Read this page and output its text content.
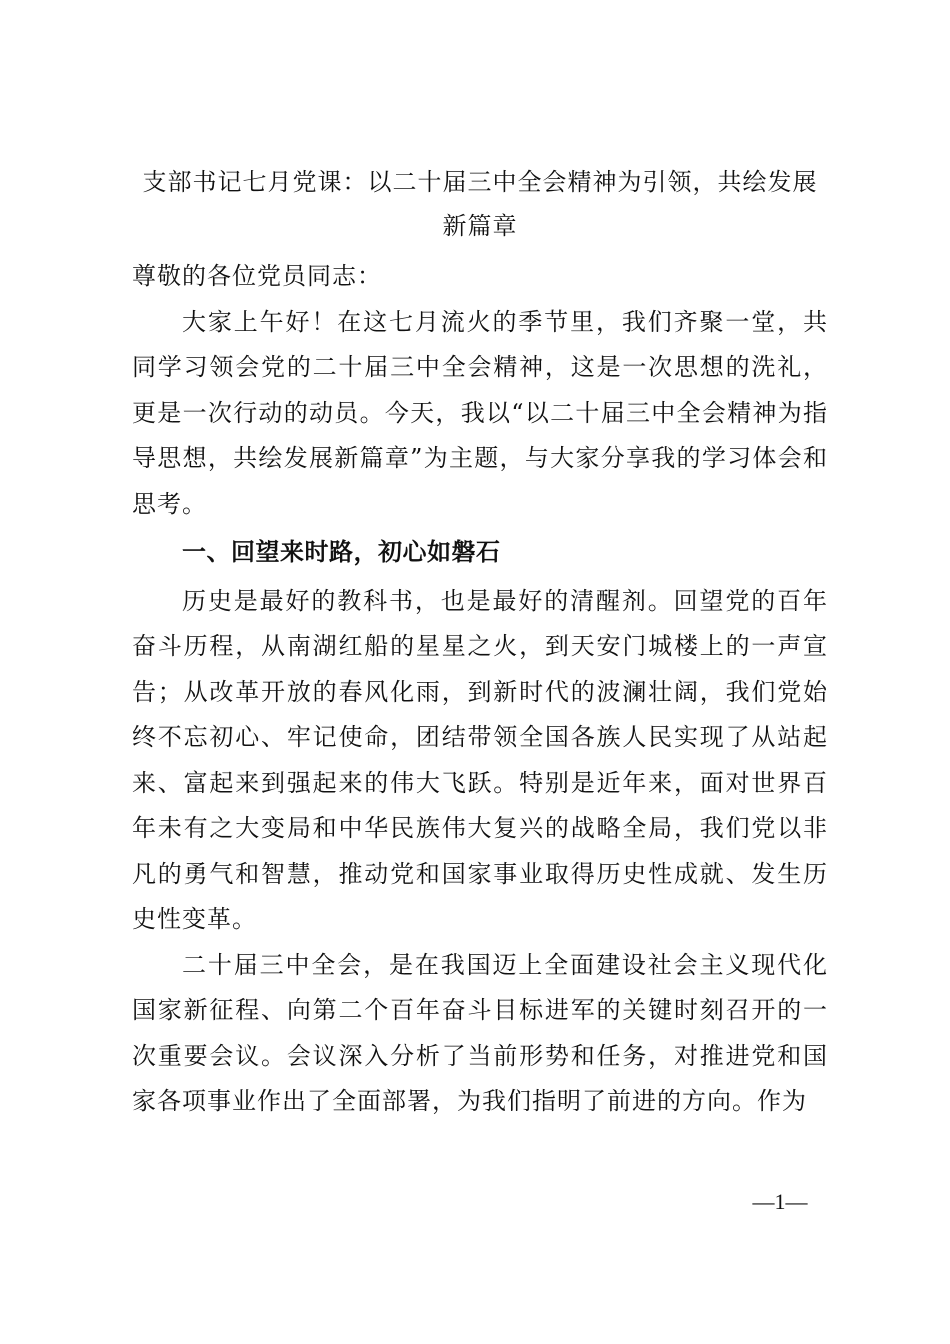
支部书记七月党课：以二十届三中全会精神为引领，共绘发展
新篇章

尊敬的各位党员同志：

大家上午好！在这七月流火的季节里，我们齐聚一堂，共同学习领会党的二十届三中全会精神，这是一次思想的洗礼，更是一次行动的动员。今天，我以“以二十届三中全会精神为指导思想，共绘发展新篇章”为主题，与大家分享我的学习体会和思考。

一、回望来时路，初心如磐石

历史是最好的教科书，也是最好的清醒剂。回望党的百年奋斗历程，从南湖红船的星星之火，到天安门城楼上的一声宣告；从改革开放的春风化雨，到新时代的波澜壮阔，我们党始终不忘初心、牢记使命，团结带领全国各族人民实现了从站起来、富起来到强起来的伟大飞跃。特别是近年来，面对世界百年未有之大变局和中华民族伟大复兴的战略全局，我们党以非凡的勇气和智慧，推动党和国家事业取得历史性成就、发生历史性变革。

二十届三中全会，是在我国迈上全面建设社会主义现代化国家新征程、向第二个百年奋斗目标进军的关键时刻召开的一次重要会议。会议深入分析了当前形势和任务，对推进党和国家各项事业作出了全面部署，为我们指明了前进的方向。作为

—1—
